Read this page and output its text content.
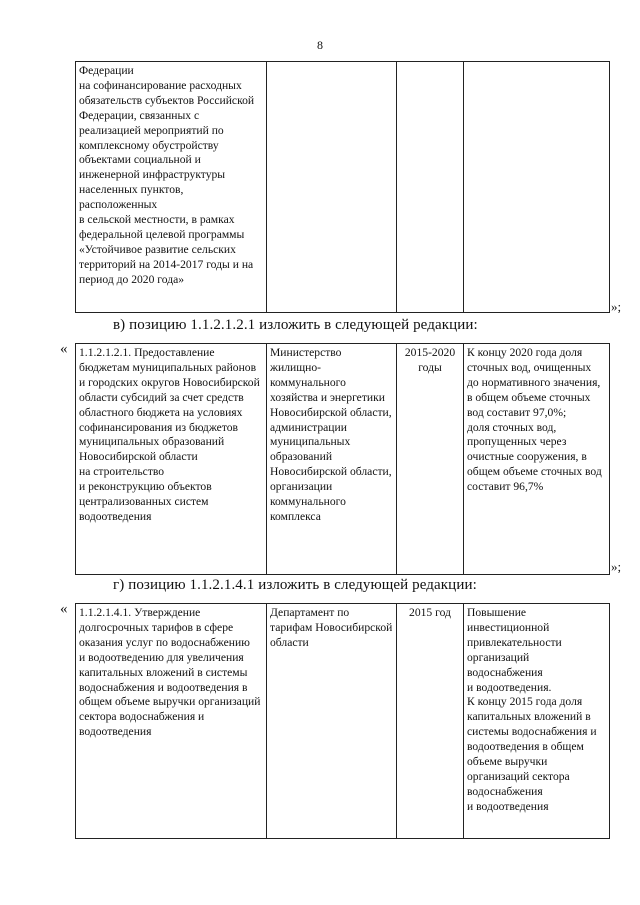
8
Федерации
на софинансирование расходных обязательств субъектов Российской Федерации, связанных с реализацией мероприятий по комплексному обустройству объектами социальной и инженерной инфраструктуры населенных пунктов, расположенных
в сельской местности, в рамках федеральной целевой программы «Устойчивое развитие сельских территорий на 2014-2017 годы и на период до 2020 года»			
»;
в) позицию 1.1.2.1.2.1 изложить в следующей редакции:
« 1.1.2.1.2.1. Предоставление бюджетам муниципальных районов и городских округов Новосибирской области субсидий за счет средств областного бюджета на условиях софинансирования из бюджетов муниципальных образований Новосибирской области
на строительство
и реконструкцию объектов централизованных систем водоотведения	Министерство жилищно-коммунального хозяйства и энергетики Новосибирской области, администрации муниципальных образований Новосибирской области, организации коммунального комплекса	2015-2020 годы	К концу 2020 года доля сточных вод, очищенных
до нормативного значения, в общем объеме сточных вод составит 97,0%;
доля сточных вод, пропущенных через очистные сооружения, в общем объеме сточных вод составит 96,7%
»;
г) позицию 1.1.2.1.4.1 изложить в следующей редакции:
« 1.1.2.1.4.1. Утверждение долгосрочных тарифов в сфере оказания услуг по водоснабжению
и водоотведению для увеличения капитальных вложений в системы водоснабжения и водоотведения в общем объеме выручки организаций сектора водоснабжения и водоотведения	Департамент по тарифам Новосибирской области	2015 год	Повышение инвестиционной привлекательности организаций водоснабжения
и водоотведения.
К концу 2015 года доля капитальных вложений в системы водоснабжения и водоотведения в общем объеме выручки организаций сектора водоснабжения
и водоотведения
